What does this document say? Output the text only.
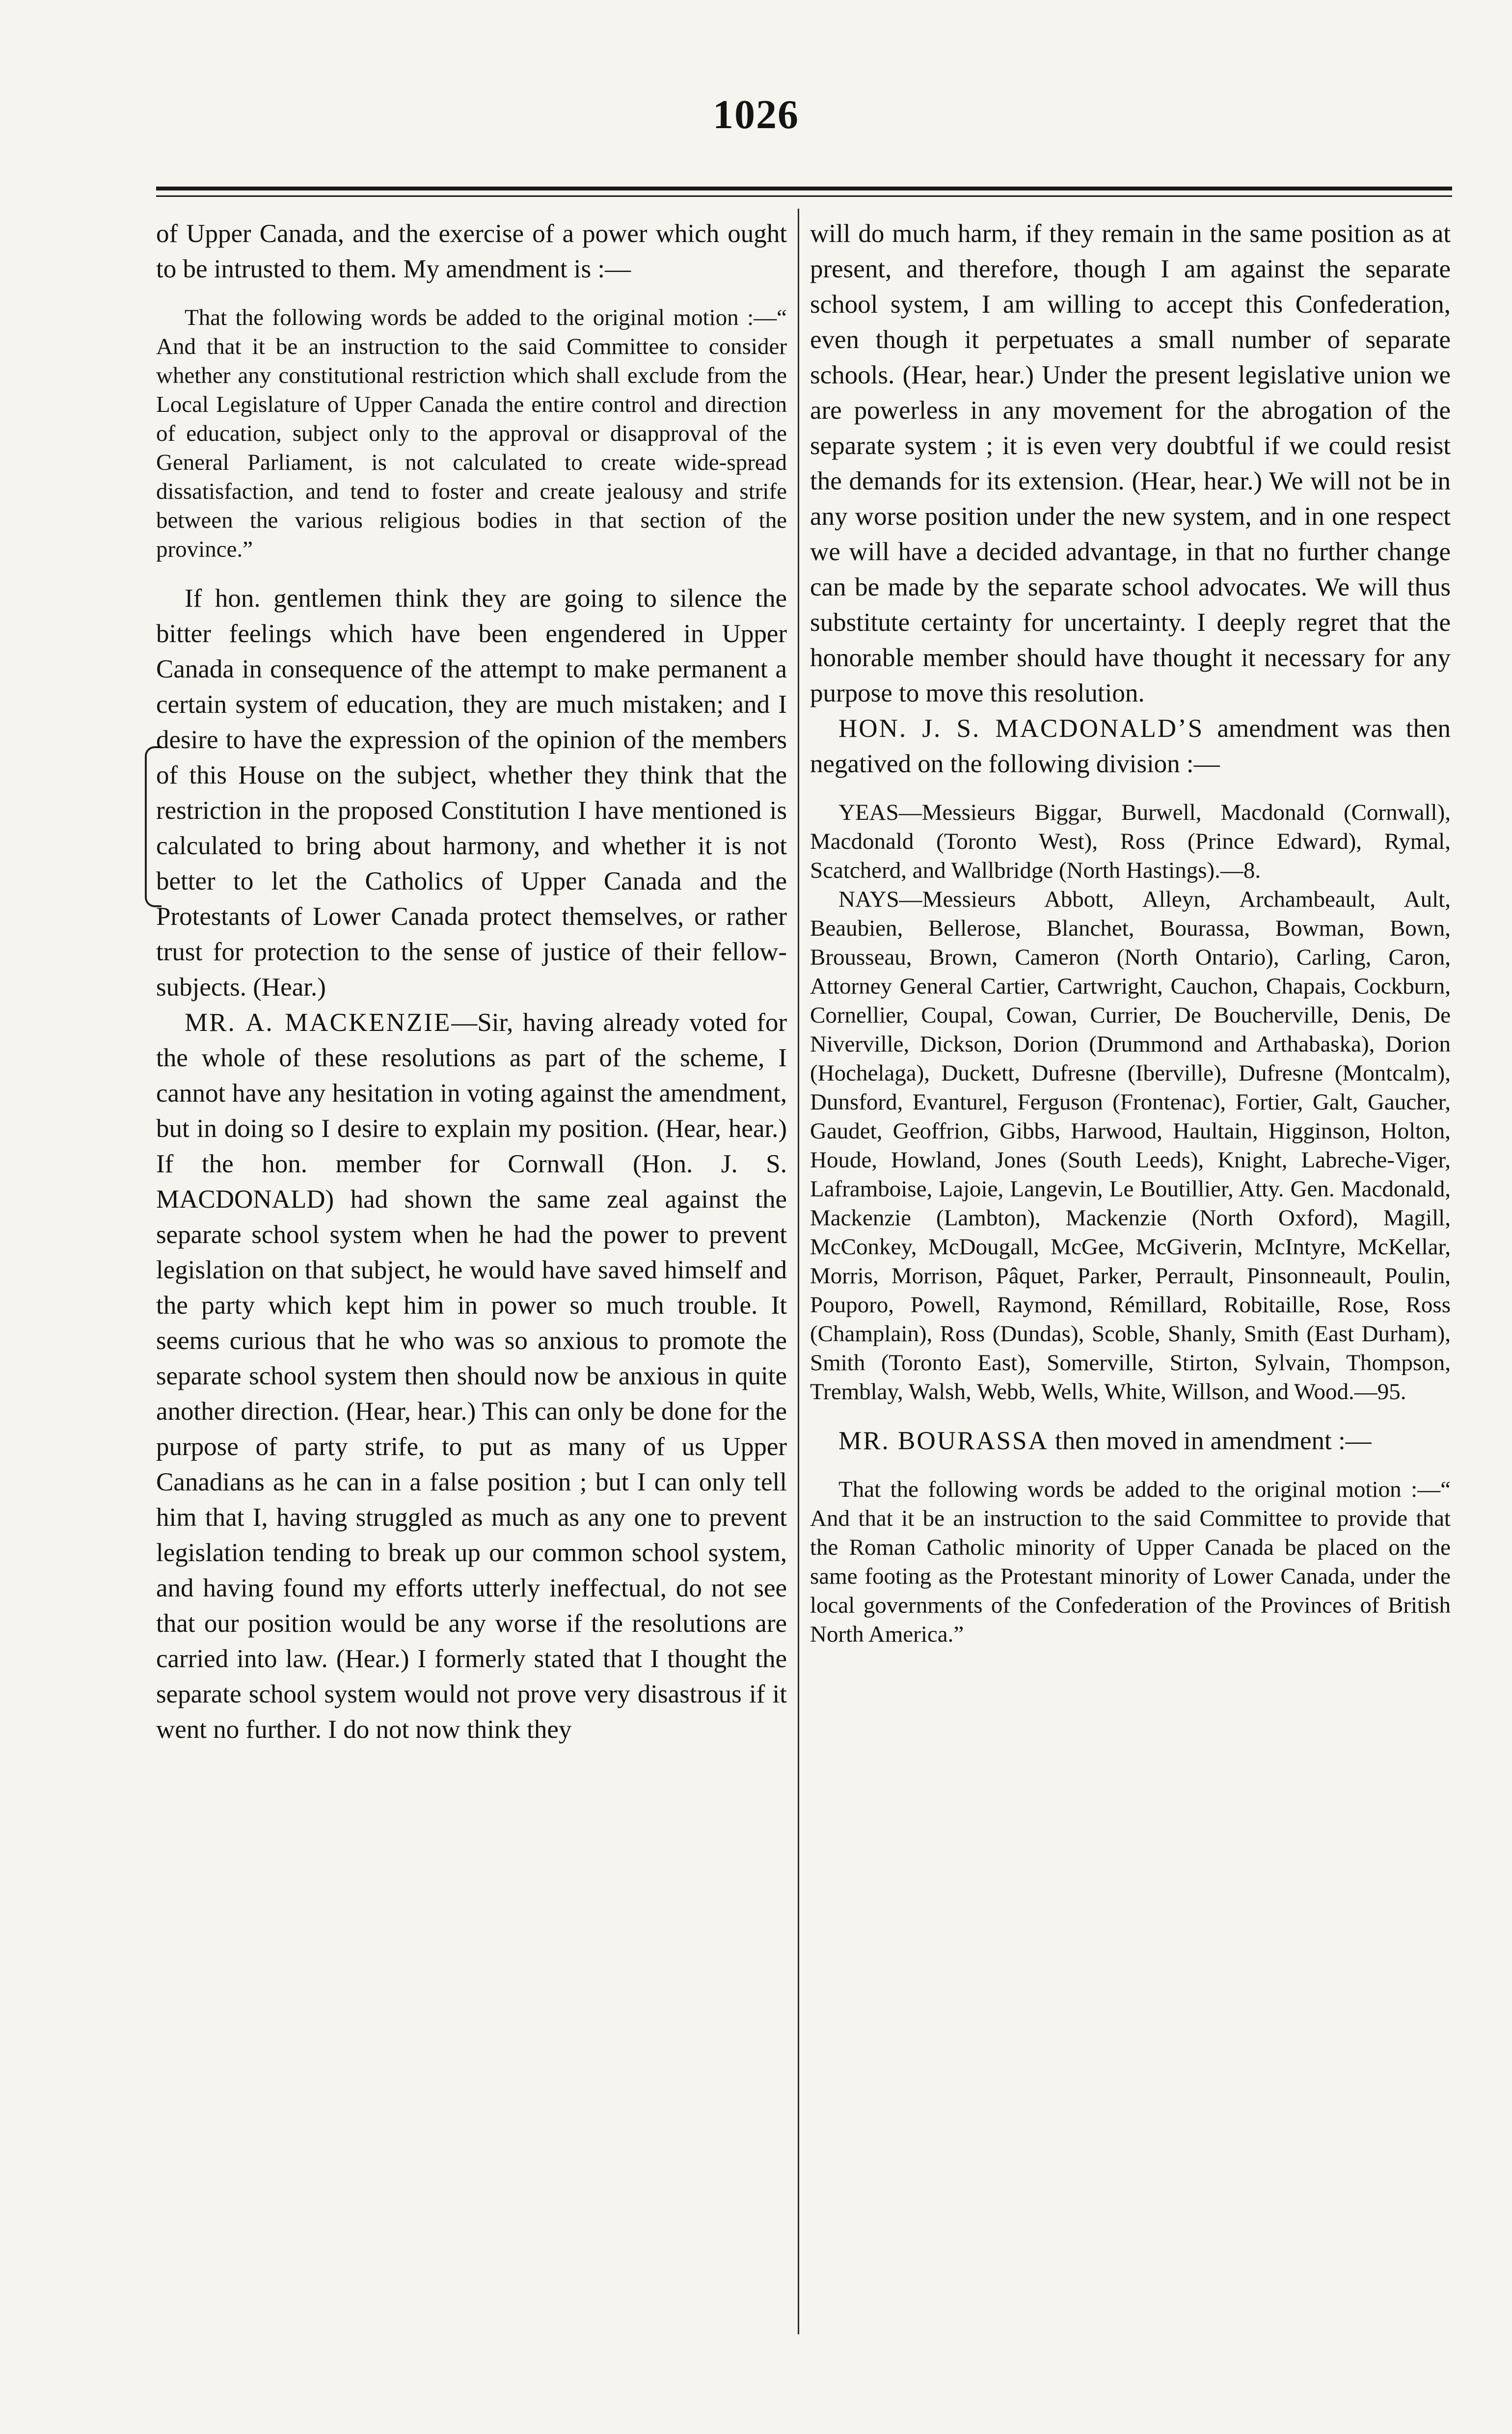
1026

of Upper Canada, and the exercise of a power which ought to be intrusted to them. My amendment is :—

That the following words be added to the original motion :—“ And that it be an instruction to the said Committee to consider whether any constitutional restriction which shall exclude from the Local Legislature of Upper Canada the entire control and direction of education, subject only to the approval or disapproval of the General Parliament, is not calculated to create wide-spread dissatisfaction, and tend to foster and create jealousy and strife between the various religious bodies in that section of the province.”

If hon. gentlemen think they are going to silence the bitter feelings which have been engendered in Upper Canada in consequence of the attempt to make permanent a certain system of education, they are much mistaken; and I desire to have the expression of the opinion of the members of this House on the subject, whether they think that the restriction in the proposed Constitution I have mentioned is calculated to bring about harmony, and whether it is not better to let the Catholics of Upper Canada and the Protestants of Lower Canada protect themselves, or rather trust for protection to the sense of justice of their fellow-subjects. (Hear.)

MR. A. MACKENZIE—Sir, having already voted for the whole of these resolutions as part of the scheme, I cannot have any hesitation in voting against the amendment, but in doing so I desire to explain my position. (Hear, hear.) If the hon. member for Cornwall (Hon. J. S. MACDONALD) had shown the same zeal against the separate school system when he had the power to prevent legislation on that subject, he would have saved himself and the party which kept him in power so much trouble. It seems curious that he who was so anxious to promote the separate school system then should now be anxious in quite another direction. (Hear, hear.) This can only be done for the purpose of party strife, to put as many of us Upper Canadians as he can in a false position ; but I can only tell him that I, having struggled as much as any one to prevent legislation tending to break up our common school system, and having found my efforts utterly ineffectual, do not see that our position would be any worse if the resolutions are carried into law. (Hear.) I formerly stated that I thought the separate school system would not prove very disastrous if it went no further. I do not now think they

will do much harm, if they remain in the same position as at present, and therefore, though I am against the separate school system, I am willing to accept this Confederation, even though it perpetuates a small number of separate schools. (Hear, hear.) Under the present legislative union we are powerless in any movement for the abrogation of the separate system ; it is even very doubtful if we could resist the demands for its extension. (Hear, hear.) We will not be in any worse position under the new system, and in one respect we will have a decided advantage, in that no further change can be made by the separate school advocates. We will thus substitute certainty for uncertainty. I deeply regret that the honorable member should have thought it necessary for any purpose to move this resolution.

HON. J. S. MACDONALD’S amendment was then negatived on the following division :—

YEAS—Messieurs Biggar, Burwell, Macdonald (Cornwall), Macdonald (Toronto West), Ross (Prince Edward), Rymal, Scatcherd, and Wallbridge (North Hastings).—8.

NAYS—Messieurs Abbott, Alleyn, Archambeault, Ault, Beaubien, Bellerose, Blanchet, Bourassa, Bowman, Bown, Brousseau, Brown, Cameron (North Ontario), Carling, Caron, Attorney General Cartier, Cartwright, Cauchon, Chapais, Cockburn, Cornellier, Coupal, Cowan, Currier, De Boucherville, Denis, De Niverville, Dickson, Dorion (Drummond and Arthabaska), Dorion (Hochelaga), Duckett, Dufresne (Iberville), Dufresne (Montcalm), Dunsford, Evanturel, Ferguson (Frontenac), Fortier, Galt, Gaucher, Gaudet, Geoffrion, Gibbs, Harwood, Haultain, Higginson, Holton, Houde, Howland, Jones (South Leeds), Knight, Labreche-Viger, Laframboise, Lajoie, Langevin, Le Boutillier, Atty. Gen. Macdonald, Mackenzie (Lambton), Mackenzie (North Oxford), Magill, McConkey, McDougall, McGee, McGiverin, McIntyre, McKellar, Morris, Morrison, Pâquet, Parker, Perrault, Pinsonneault, Poulin, Pouporo, Powell, Raymond, Rémillard, Robitaille, Rose, Ross (Champlain), Ross (Dundas), Scoble, Shanly, Smith (East Durham), Smith (Toronto East), Somerville, Stirton, Sylvain, Thompson, Tremblay, Walsh, Webb, Wells, White, Willson, and Wood.—95.

MR. BOURASSA then moved in amendment :—

That the following words be added to the original motion :—“ And that it be an instruction to the said Committee to provide that the Roman Catholic minority of Upper Canada be placed on the same footing as the Protestant minority of Lower Canada, under the local governments of the Confederation of the Provinces of British North America.”
